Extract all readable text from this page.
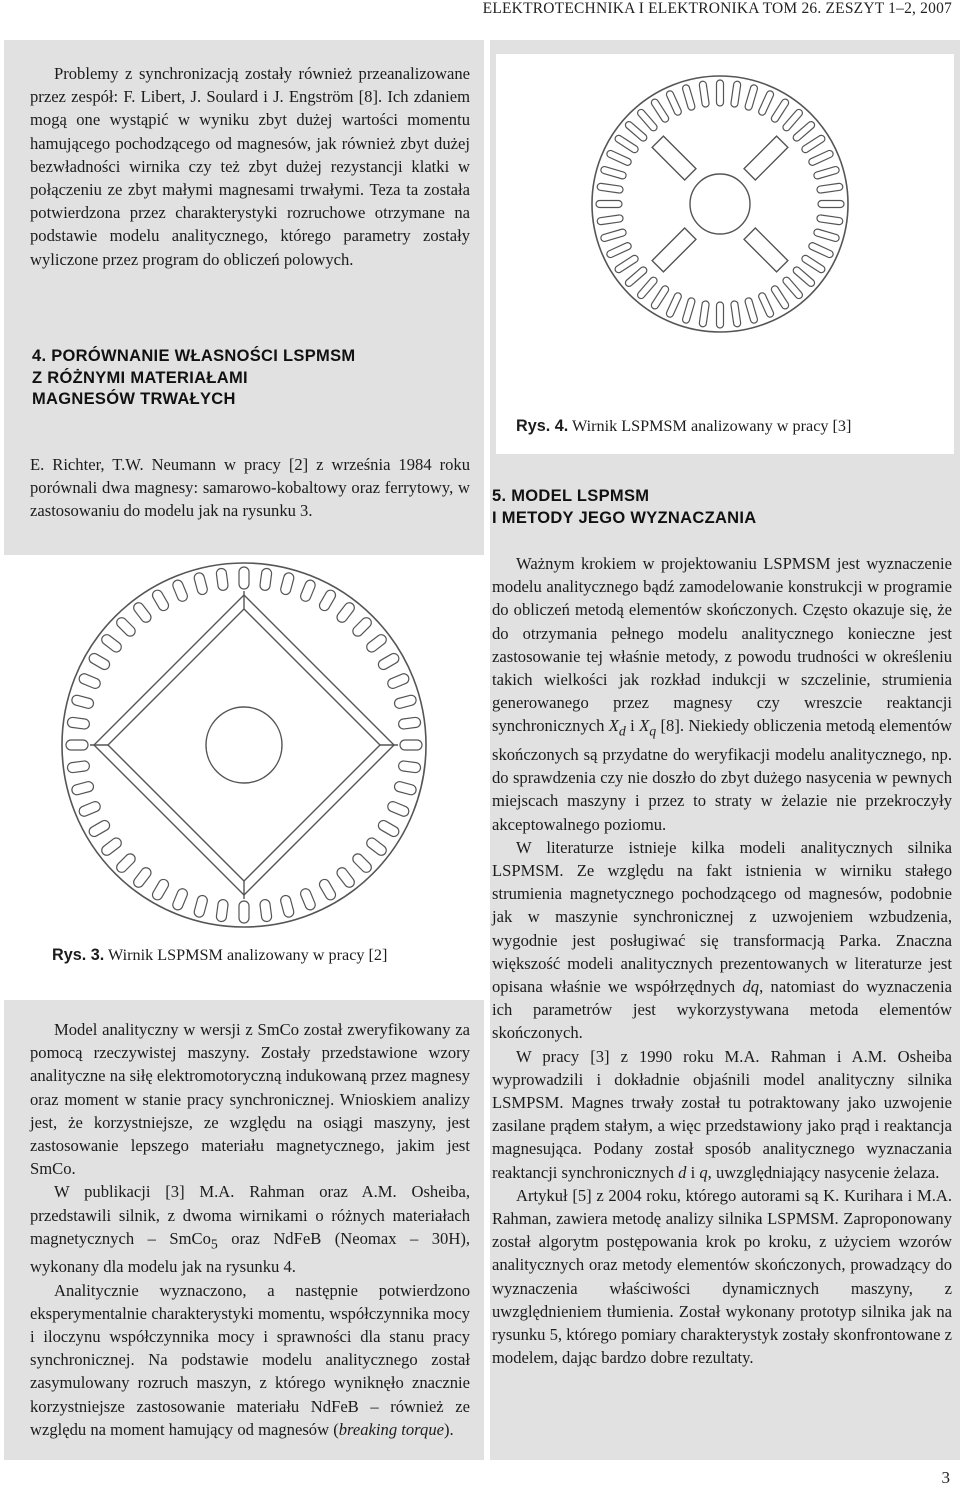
ELEKTROTECHNIKA I ELEKTRONIKA TOM 26. ZESZYT 1–2, 2007

Problemy z synchronizacją zostały również przeanalizowane przez zespół: F. Libert, J. Soulard i J. Engström [8]. Ich zdaniem mogą one wystąpić w wyniku zbyt dużej wartości momentu hamującego pochodzącego od magnesów, jak również zbyt dużej bezwładności wirnika czy też zbyt dużej rezystancji klatki w połączeniu ze zbyt małymi magnesami trwałymi. Teza ta została potwierdzona przez charakterystyki rozruchowe otrzymane na podstawie modelu analitycznego, którego parametry zostały wyliczone przez program do obliczeń polowych.

4. PORÓWNANIE WŁASNOŚCI LSPMSM
Z RÓŻNYMI MATERIAŁAMI
MAGNESÓW TRWAŁYCH

E. Richter, T.W. Neumann w pracy [2] z września 1984 roku porównali dwa magnesy: samarowo-kobaltowy oraz ferrytowy, w zastosowaniu do modelu jak na rysunku 3.

Rys. 3. Wirnik LSPMSM analizowany w pracy [2]

Model analityczny w wersji z SmCo został zweryfikowany za pomocą rzeczywistej maszyny. Zostały przedstawione wzory analityczne na siłę elektromotoryczną indukowaną przez magnesy oraz moment w stanie pracy synchronicznej. Wnioskiem analizy jest, że korzystniejsze, ze względu na osiągi maszyny, jest zastosowanie lepszego materiału magnetycznego, jakim jest SmCo.

W publikacji [3] M.A. Rahman oraz A.M. Osheiba, przedstawili silnik, z dwoma wirnikami o różnych materiałach magnetycznych – SmCo$_5$ oraz NdFeB (Neomax – 30H), wykonany dla modelu jak na rysunku 4.

Analitycznie wyznaczono, a następnie potwierdzono eksperymentalnie charakterystyki momentu, współczynnika mocy i iloczynu współczynnika mocy i sprawności dla stanu pracy synchronicznej. Na podstawie modelu analitycznego został zasymulowany rozruch maszyn, z którego wyniknęło znacznie korzystniejsze zastosowanie materiału NdFeB – również ze względu na moment hamujący od magnesów (breaking torque).

Rys. 4. Wirnik LSPMSM analizowany w pracy [3]
5. MODEL LSPMSM
I METODY JEGO WYZNACZANIA

Ważnym krokiem w projektowaniu LSPMSM jest wyznaczenie modelu analitycznego bądź zamodelowanie konstrukcji w programie do obliczeń metodą elementów skończonych. Często okazuje się, że do otrzymania pełnego modelu analitycznego konieczne jest zastosowanie tej właśnie metody, z powodu trudności w określeniu takich wielkości jak rozkład indukcji w szczelinie, strumienia generowanego przez magnesy czy wreszcie reaktancji synchronicznych $X_d$ i $X_q$ [8]. Niekiedy obliczenia metodą elementów skończonych są przydatne do weryfikacji modelu analitycznego, np. do sprawdzenia czy nie doszło do zbyt dużego nasycenia w pewnych miejscach maszyny i przez to straty w żelazie nie przekroczyły akceptowalnego poziomu.

W literaturze istnieje kilka modeli analitycznych silnika LSPMSM. Ze względu na fakt istnienia w wirniku stałego strumienia magnetycznego pochodzącego od magnesów, podobnie jak w maszynie synchronicznej z uzwojeniem wzbudzenia, wygodnie jest posługiwać się transformacją Parka. Znaczna większość modeli analitycznych prezentowanych w literaturze jest opisana właśnie we współrzędnych dq, natomiast do wyznaczenia ich parametrów jest wykorzystywana metoda elementów skończonych.

W pracy [3] z 1990 roku M.A. Rahman i A.M. Osheiba wyprowadzili i dokładnie objaśnili model analityczny silnika LSMPSM. Magnes trwały został tu potraktowany jako uzwojenie zasilane prądem stałym, a więc przedstawiony jako prąd i reaktancja magnesująca. Podany został sposób analitycznego wyznaczania reaktancji synchronicznych d i q, uwzględniający nasycenie żelaza.

Artykuł [5] z 2004 roku, którego autorami są K. Kurihara i M.A. Rahman, zawiera metodę analizy silnika LSPMSM. Zaproponowany został algorytm postępowania krok po kroku, z użyciem wzorów analitycznych oraz metody elementów skończonych, prowadzący do wyznaczenia właściwości dynamicznych maszyny, z uwzględnieniem tłumienia. Został wykonany prototyp silnika jak na rysunku 5, którego pomiary charakterystyk zostały skonfrontowane z modelem, dając bardzo dobre rezultaty.

3
